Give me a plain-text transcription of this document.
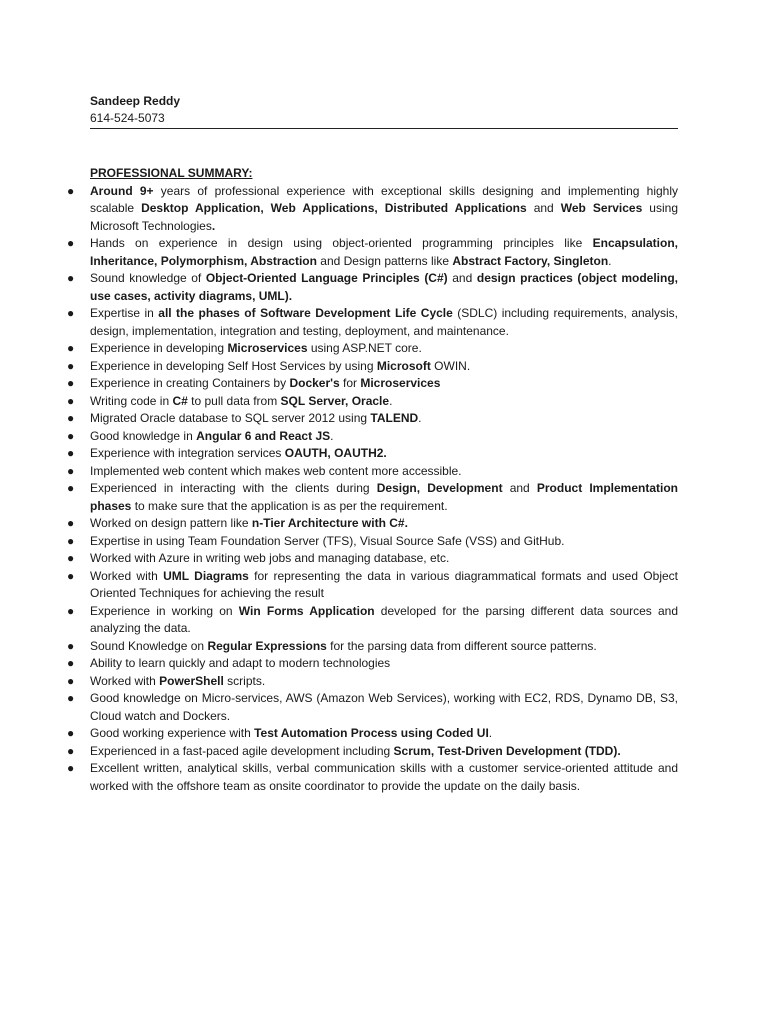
Sandeep Reddy
614-524-5073
PROFESSIONAL SUMMARY:
● Around 9+ years of professional experience with exceptional skills designing and implementing highly scalable Desktop Application, Web Applications, Distributed Applications and Web Services using Microsoft Technologies.
● Hands on experience in design using object-oriented programming principles like Encapsulation, Inheritance, Polymorphism, Abstraction and Design patterns like Abstract Factory, Singleton.
● Sound knowledge of Object-Oriented Language Principles (C#) and design practices (object modeling, use cases, activity diagrams, UML).
● Expertise in all the phases of Software Development Life Cycle (SDLC) including requirements, analysis, design, implementation, integration and testing, deployment, and maintenance.
● Experience in developing Microservices using ASP.NET core.
● Experience in developing Self Host Services by using Microsoft OWIN.
● Experience in creating Containers by Docker's for Microservices
● Writing code in C# to pull data from SQL Server, Oracle.
● Migrated Oracle database to SQL server 2012 using TALEND.
● Good knowledge in Angular 6 and React JS.
● Experience with integration services OAUTH, OAUTH2.
● Implemented web content which makes web content more accessible.
● Experienced in interacting with the clients during Design, Development and Product Implementation phases to make sure that the application is as per the requirement.
● Worked on design pattern like n-Tier Architecture with C#.
● Expertise in using Team Foundation Server (TFS), Visual Source Safe (VSS) and GitHub.
● Worked with Azure in writing web jobs and managing database, etc.
● Worked with UML Diagrams for representing the data in various diagrammatical formats and used Object Oriented Techniques for achieving the result
● Experience in working on Win Forms Application developed for the parsing different data sources and analyzing the data.
● Sound Knowledge on Regular Expressions for the parsing data from different source patterns.
● Ability to learn quickly and adapt to modern technologies
● Worked with PowerShell scripts.
● Good knowledge on Micro-services, AWS (Amazon Web Services), working with EC2, RDS, Dynamo DB, S3, Cloud watch and Dockers.
● Good working experience with Test Automation Process using Coded UI.
● Experienced in a fast-paced agile development including Scrum, Test-Driven Development (TDD).
● Excellent written, analytical skills, verbal communication skills with a customer service-oriented attitude and worked with the offshore team as onsite coordinator to provide the update on the daily basis.
